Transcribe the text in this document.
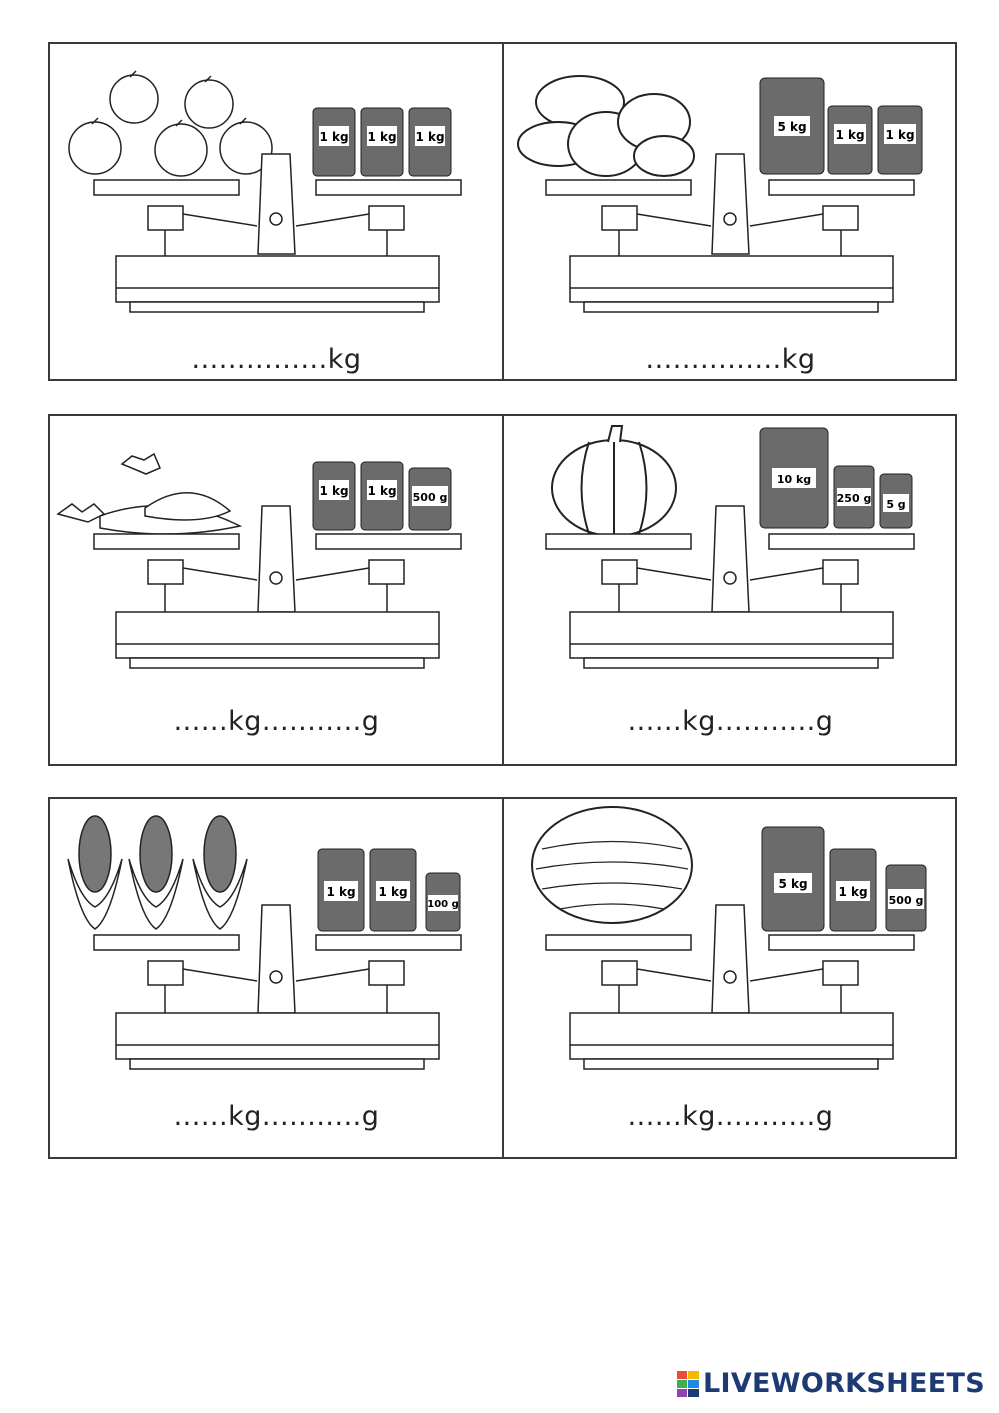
1 kg 1 kg 1 kg
...............kg
5 kg
1 kg 1 kg
...............kg
1 kg 1 kg 500 g
......kg...........g
10 kg
250 g 5 g
......kg...........g
1 kg 1 kg
100 g
......kg...........g
5 kg
1 kg
500 g
......kg...........g
LIVEWORKSHEETS
